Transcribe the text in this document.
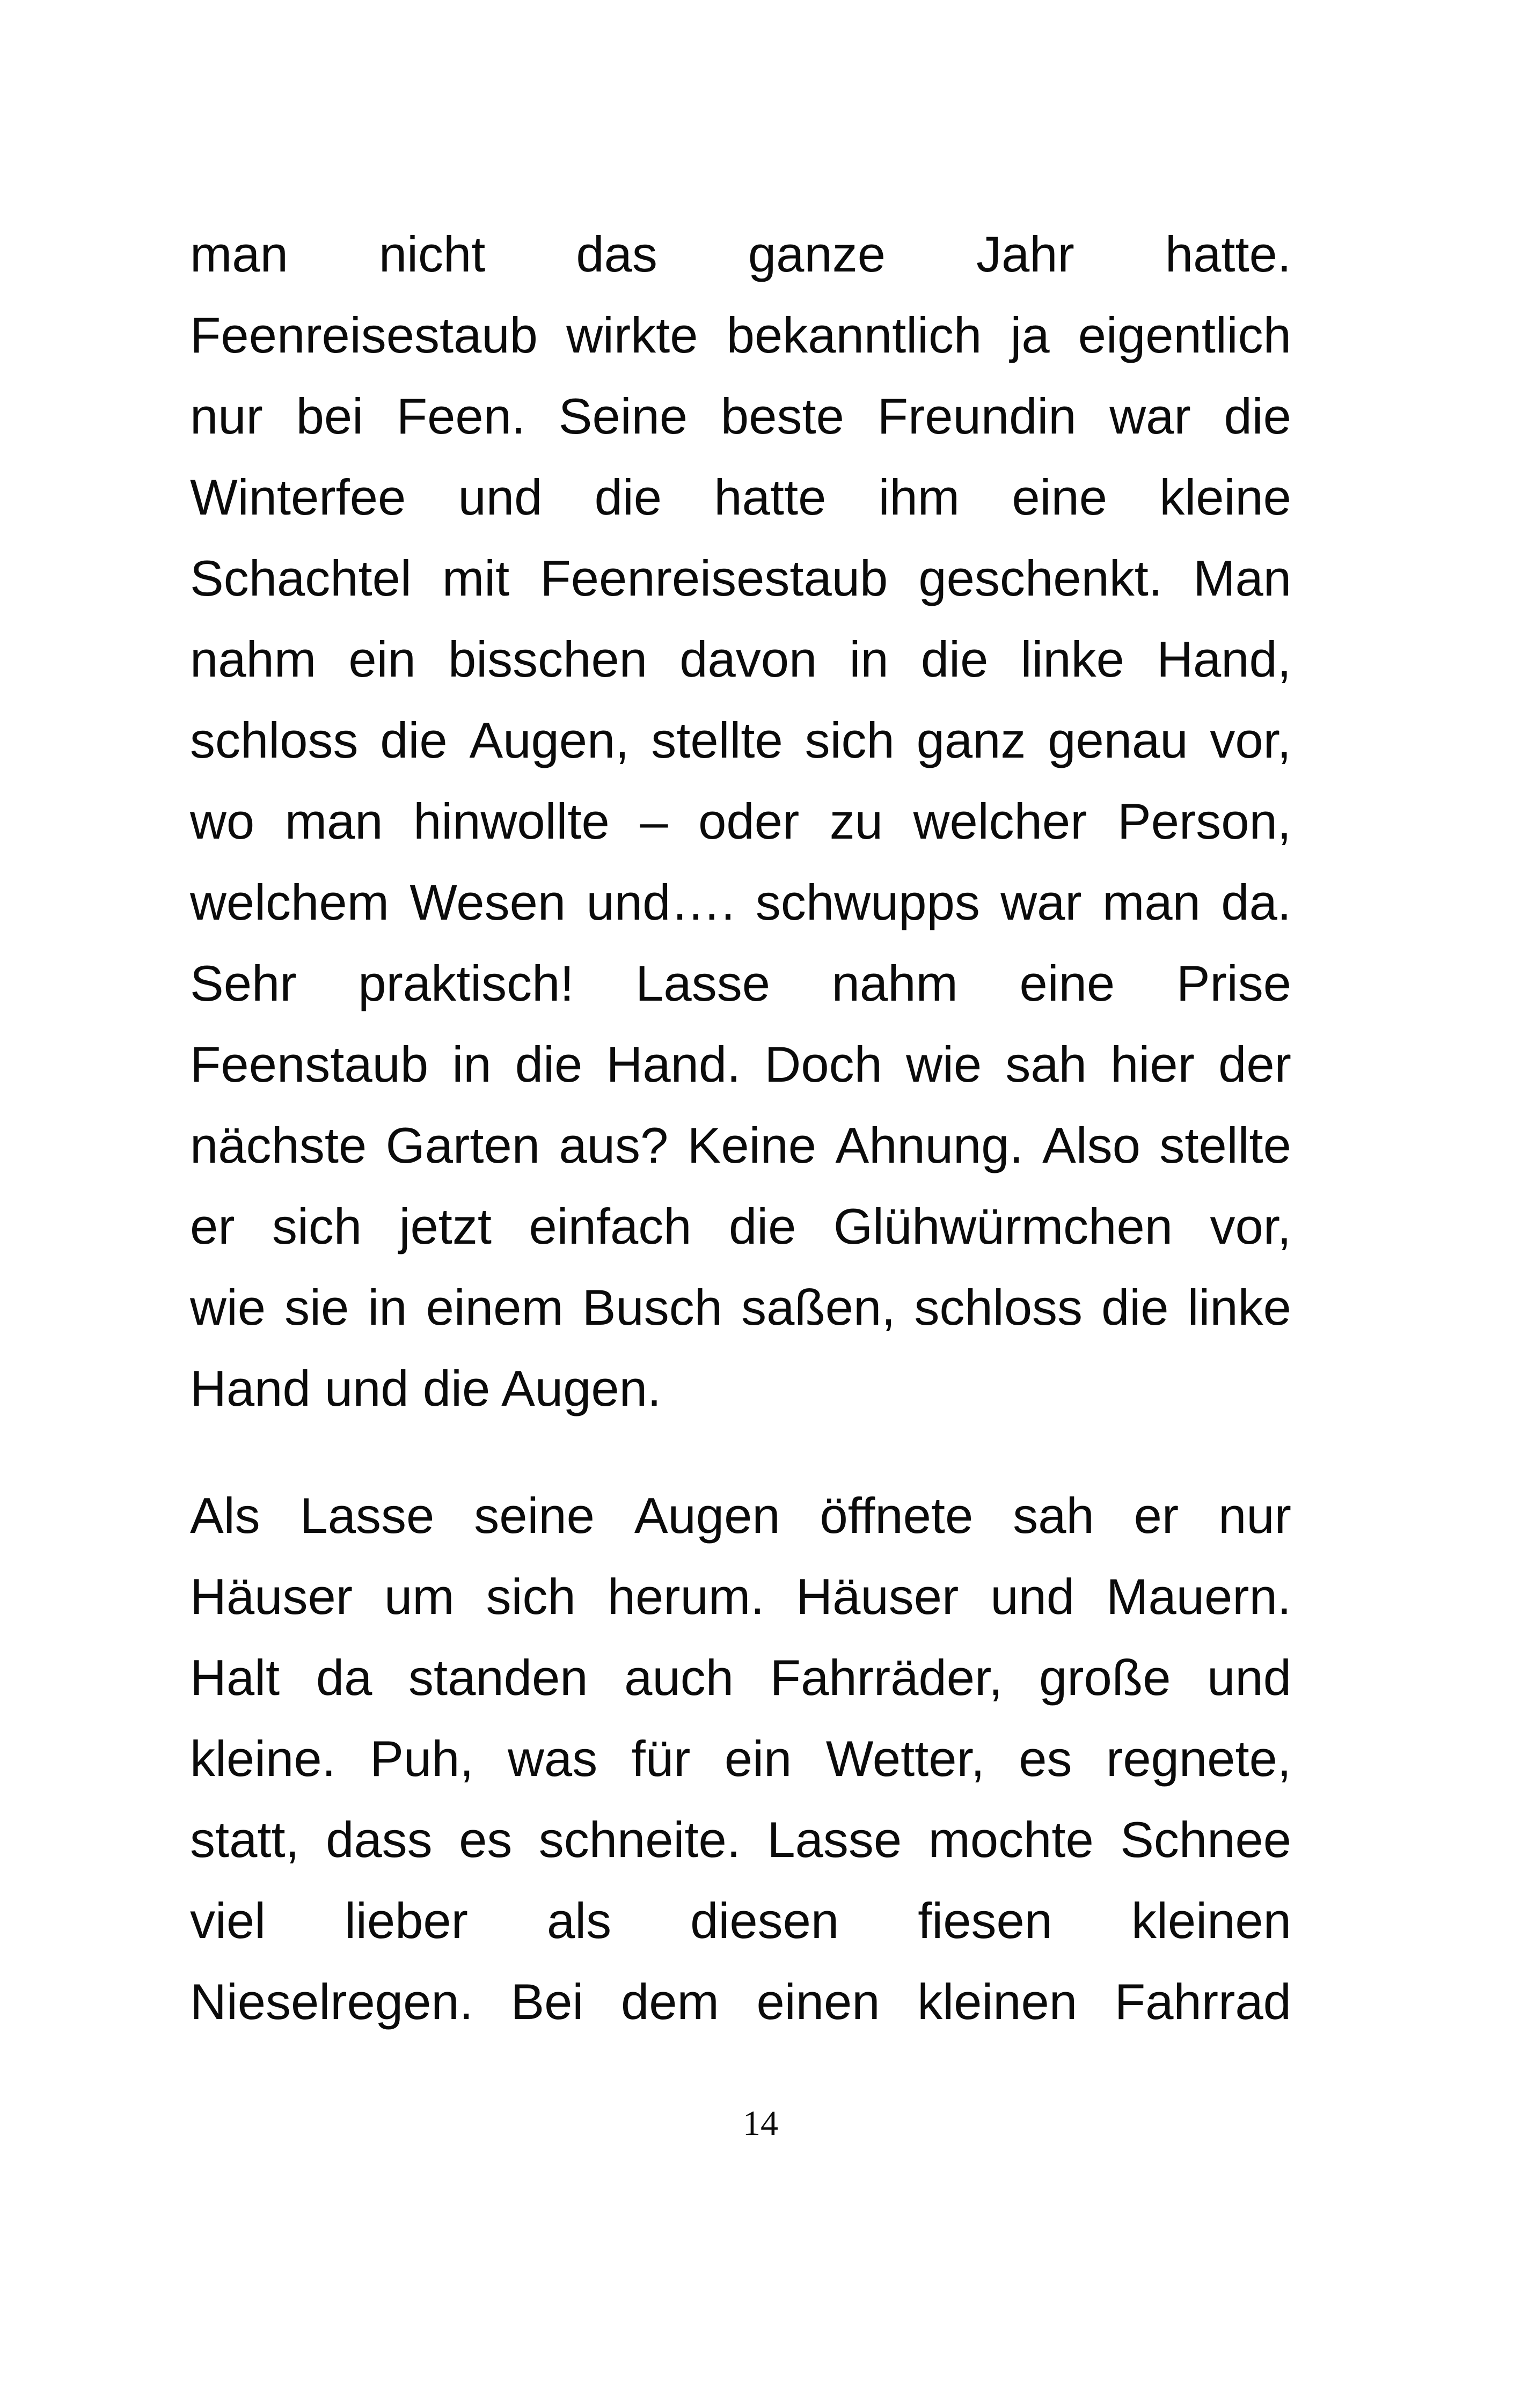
man nicht das ganze Jahr hatte.
Feenreisestaub wirkte bekanntlich ja eigentlich
nur bei Feen. Seine beste Freundin war die
Winterfee und die hatte ihm eine kleine
Schachtel mit Feenreisestaub geschenkt. Man
nahm ein bisschen davon in die linke Hand,
schloss die Augen, stellte sich ganz genau vor,
wo man hinwollte – oder zu welcher Person,
welchem Wesen und…. schwupps war man da.
Sehr praktisch! Lasse nahm eine Prise
Feenstaub in die Hand. Doch wie sah hier der
nächste Garten aus? Keine Ahnung. Also stellte
er sich jetzt einfach die Glühwürmchen vor,
wie sie in einem Busch saßen, schloss die linke
Hand und die Augen.
Als Lasse seine Augen öffnete sah er nur
Häuser um sich herum. Häuser und Mauern.
Halt da standen auch Fahrräder, große und
kleine. Puh, was für ein Wetter, es regnete,
statt, dass es schneite. Lasse mochte Schnee
viel lieber als diesen fiesen kleinen
Nieselregen. Bei dem einen kleinen Fahrrad
14
